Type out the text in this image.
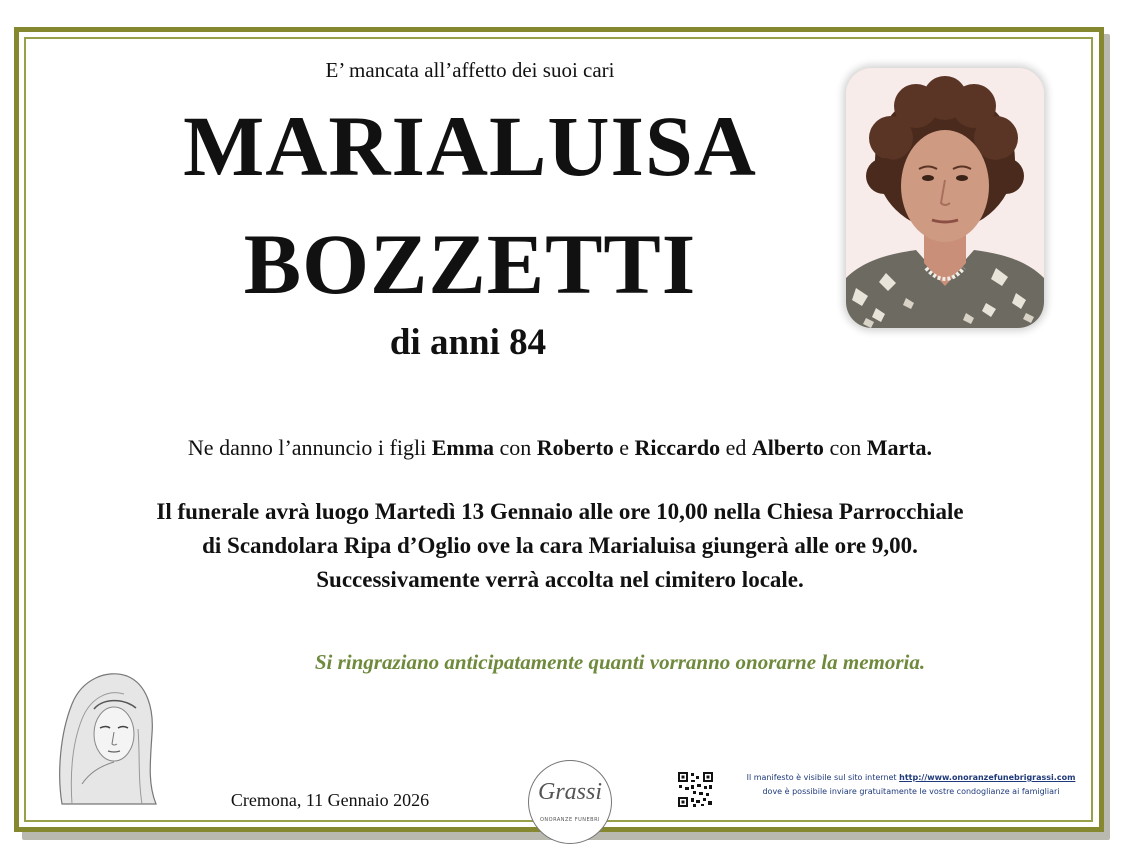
E’ mancata all’affetto dei suoi cari
MARIALUISA
BOZZETTI
di anni 84
Ne danno l’annuncio i figli Emma con Roberto e Riccardo ed Alberto con Marta.
Il funerale avrà luogo Martedì 13 Gennaio alle ore 10,00 nella Chiesa Parrocchiale
di Scandolara Ripa d’Oglio ove la cara Marialuisa giungerà alle ore 9,00.
Successivamente verrà accolta nel cimitero locale.
Si ringraziano anticipatamente quanti vorranno onorarne la memoria.
Cremona, 11 Gennaio 2026	Grassi
ONORANZE FUNEBRI
Il manifesto è visibile sul sito internet http://www.onoranzefunebrigrassi.com
dove è possibile inviare gratuitamente le vostre condoglianze ai famigliari
